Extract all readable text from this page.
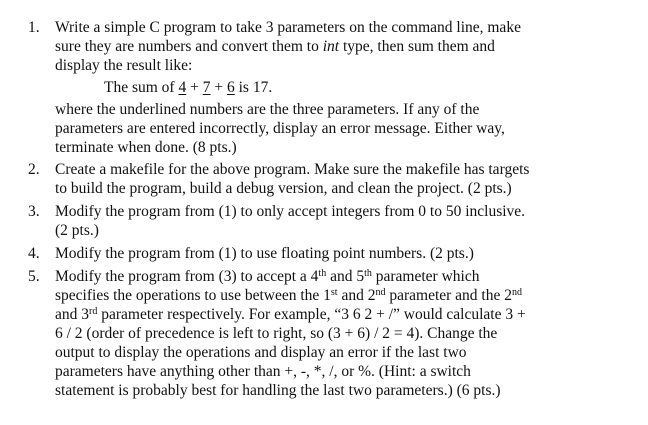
1. Write a simple C program to take 3 parameters on the command line, make
sure they are numbers and convert them to int type, then sum them and
display the result like:
The sum of 4 + 7 + 6 is 17.
where the underlined numbers are the three parameters. If any of the
parameters are entered incorrectly, display an error message. Either way,
terminate when done. (8 pts.)
2. Create a makefile for the above program. Make sure the makefile has targets
to build the program, build a debug version, and clean the project. (2 pts.)
3. Modify the program from (1) to only accept integers from 0 to 50 inclusive.
(2 pts.)
4. Modify the program from (1) to use floating point numbers. (2 pts.)
5. Modify the program from (3) to accept a 4th and 5th parameter which
specifies the operations to use between the 1st and 2nd parameter and the 2nd
and 3rd parameter respectively. For example, “3 6 2 + /” would calculate 3 +
6 / 2 (order of precedence is left to right, so (3 + 6) / 2 = 4). Change the
output to display the operations and display an error if the last two
parameters have anything other than +, -, *, /, or %. (Hint: a switch
statement is probably best for handling the last two parameters.) (6 pts.)
